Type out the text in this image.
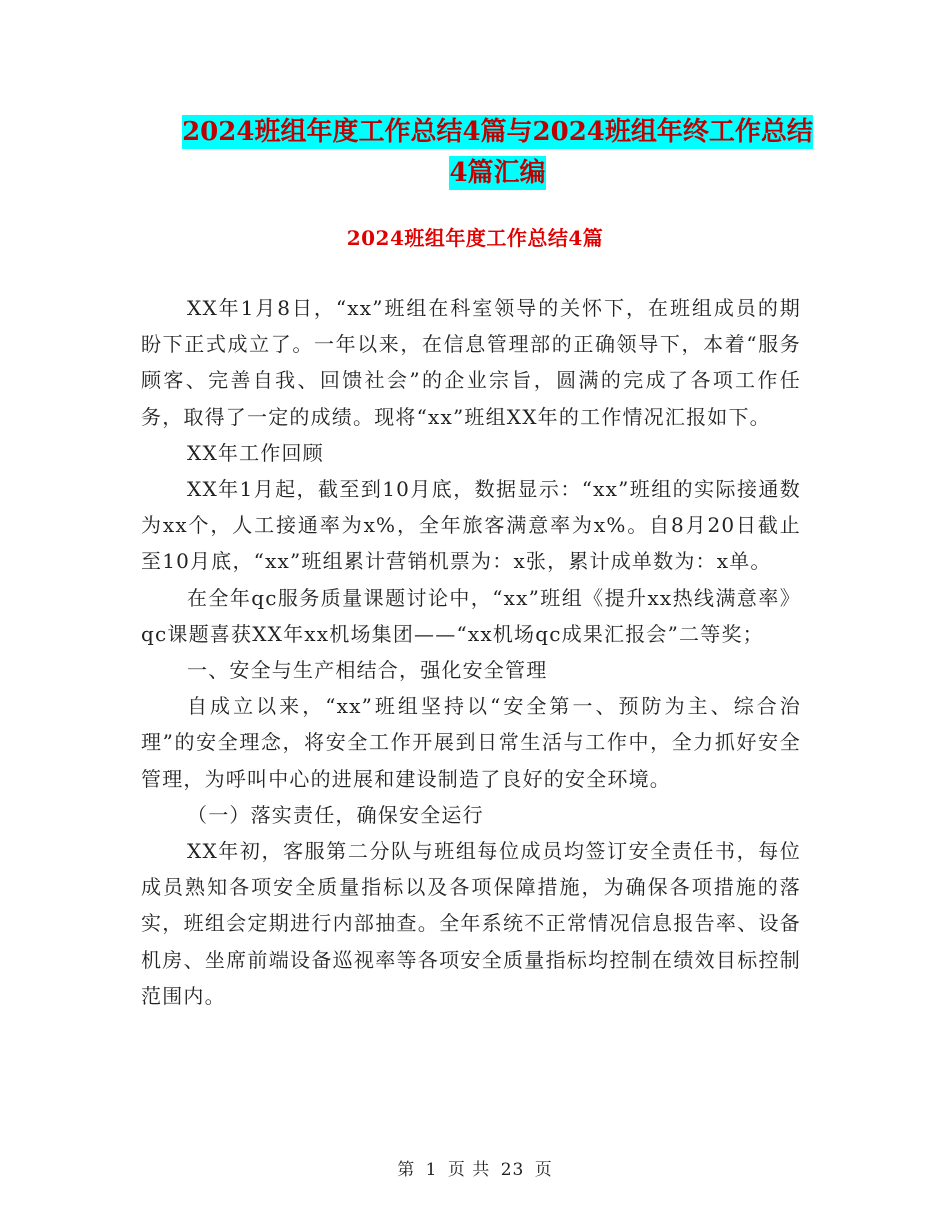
2024班组年度工作总结4篇与2024班组年终工作总结
4篇汇编
2024班组年度工作总结4篇

XX年1月8日，“xx”班组在科室领导的关怀下，在班组成员的期盼下正式成立了。一年以来，在信息管理部的正确领导下，本着“服务顾客、完善自我、回馈社会”的企业宗旨，圆满的完成了各项工作任务，取得了一定的成绩。现将“xx”班组XX年的工作情况汇报如下。

XX年工作回顾

XX年1月起，截至到10月底，数据显示：“xx”班组的实际接通数为xx个，人工接通率为x%，全年旅客满意率为x%。自8月20日截止至10月底，“xx”班组累计营销机票为：x张，累计成单数为：x单。

在全年qc服务质量课题讨论中，“xx”班组《提升xx热线满意率》qc课题喜获XX年xx机场集团——“xx机场qc成果汇报会”二等奖；

一、安全与生产相结合，强化安全管理

自成立以来，“xx”班组坚持以“安全第一、预防为主、综合治理”的安全理念，将安全工作开展到日常生活与工作中，全力抓好安全管理，为呼叫中心的进展和建设制造了良好的安全环境。

（一）落实责任，确保安全运行

XX年初，客服第二分队与班组每位成员均签订安全责任书，每位成员熟知各项安全质量指标以及各项保障措施，为确保各项措施的落实，班组会定期进行内部抽查。全年系统不正常情况信息报告率、设备机房、坐席前端设备巡视率等各项安全质量指标均控制在绩效目标控制范围内。

第 1 页 共 23 页
